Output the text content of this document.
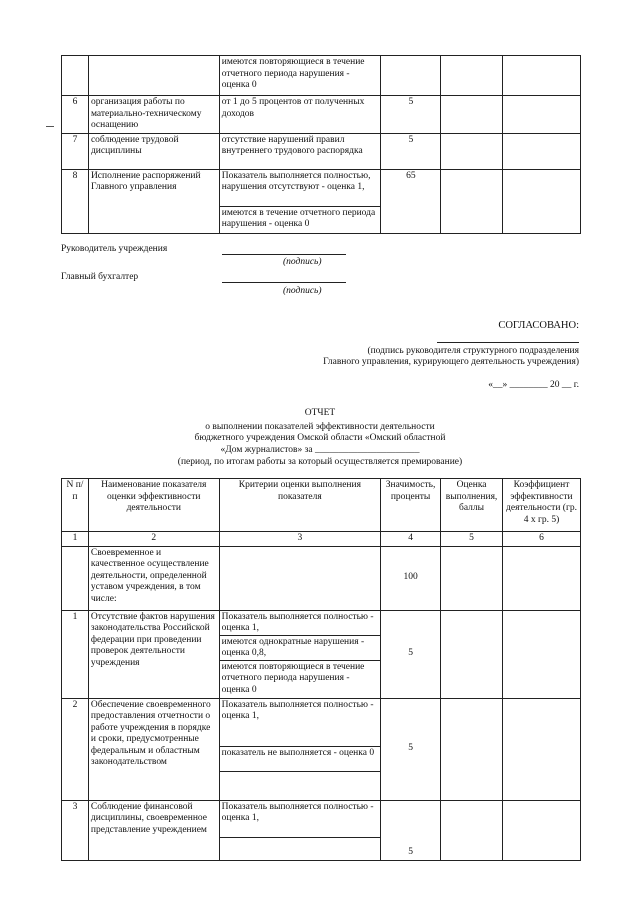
		имеются повторяющиеся в течение отчетного периода нарушения - оценка 0			
6	организация работы по материально-техническому оснащению	от 1 до 5 процентов от полученных доходов	5		
7	соблюдение трудовой дисциплины	отсутствие нарушений правил внутреннего трудового распорядка	5		
8	Исполнение распоряжений Главного управления	Показатель выполняется полностью, нарушения отсутствуют - оценка 1,
имеются в течение отчетного периода нарушения - оценка 0	65		
Руководитель учреждения
(подпись)
Главный бухгалтер
(подпись)
СОГЛАСОВАНО:
(подпись руководителя структурного подразделения
Главного управления, курирующего деятельность учреждения)
«__» ________ 20 __ г.
ОТЧЕТ
о выполнении показателей эффективности деятельности
бюджетного учреждения Омской области «Омский областной
«Дом журналистов» за ______________________
(период, по итогам работы за который осуществляется премирование)
N п/п	Наименование показателя оценки эффективности деятельности	Критерии оценки выполнения показателя	Значимость, проценты	Оценка выполнения, баллы	Коэффициент эффективности деятельности (гр. 4 x гр. 5)
1	2	3	4	5	6
	Своевременное и качественное осуществление деятельности, определенной уставом учреждения, в том числе:		100		
1	Отсутствие фактов нарушения законодательства Российской федерации при проведении проверок деятельности учреждения	Показатель выполняется полностью - оценка 1,
имеются однократные нарушения - оценка 0,8,
имеются повторяющиеся в течение отчетного периода нарушения - оценка 0	5		
2	Обеспечение своевременного предоставления отчетности о работе учреждения в порядке и сроки, предусмотренные федеральным и областным законодательством	Показатель выполняется полностью - оценка 1,
показатель не выполняется - оценка 0	5		
3	Соблюдение финансовой дисциплины, своевременное представление учреждением	Показатель выполняется полностью - оценка 1,	5		
